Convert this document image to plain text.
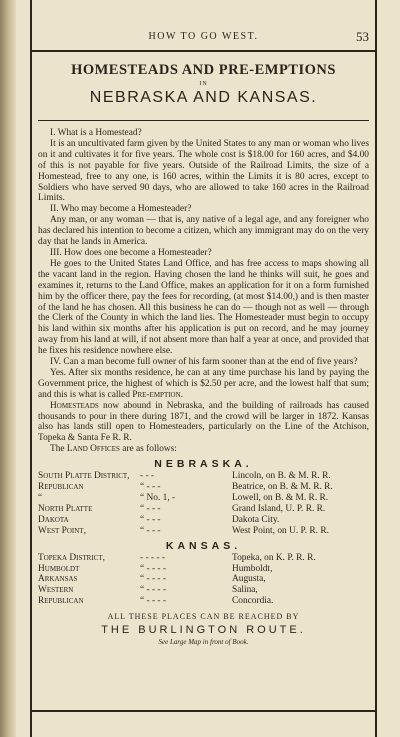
HOW TO GO WEST.	53
HOMESTEADS AND PRE-EMPTIONS
IN
NEBRASKA AND KANSAS.

I. What is a Homestead?

It is an uncultivated farm given by the United States to any man or woman who lives on it and cultivates it for five years. The whole cost is $18.00 for 160 acres, and $4.00 of this is not payable for five years. Outside of the Railroad Limits, the size of a Homestead, free to any one, is 160 acres, within the Limits it is 80 acres, except to Soldiers who have served 90 days, who are allowed to take 160 acres in the Railroad Limits.

II. Who may become a Homesteader?

Any man, or any woman — that is, any native of a legal age, and any foreigner who has declared his intention to become a citizen, which any immigrant may do on the very day that he lands in America.

III. How does one become a Homesteader?

He goes to the United States Land Office, and has free access to maps showing all the vacant land in the region. Having chosen the land he thinks will suit, he goes and examines it, returns to the Land Office, makes an application for it on a form furnished him by the officer there, pay the fees for recording, (at most $14.00,) and is then master of the land he has chosen. All this business he can do — though not as well — through the Clerk of the County in which the land lies. The Homesteader must begin to occupy his land within six months after his application is put on record, and he may journey away from his land at will, if not absent more than half a year at once, and provided that he fixes his residence nowhere else.

IV. Can a man become full owner of his farm sooner than at the end of five years?

Yes. After six months residence, he can at any time purchase his land by paying the Government price, the highest of which is $2.50 per acre, and the lowest half that sum; and this is what is called Pre-emption.

Homesteads now abound in Nebraska, and the building of railroads has caused thousands to pour in there during 1871, and the crowd will be larger in 1872. Kansas also has lands still open to Homesteaders, particularly on the Line of the Atchison, Topeka & Santa Fe R. R.

The Land Offices are as follows:

NEBRASKA.
South Platte District,	- - -	Lincoln, on B. & M. R. R.
Republican	“ - - -	Beatrice, on B. & M. R. R.
“	“ No. 1, -	Lowell, on B. & M. R. R.
North Platte	“ - - -	Grand Island, U. P. R. R.
Dakota	“ - - -	Dakota City.
West Point,	“ - - -	West Point, on U. P. R. R.
KANSAS.
Topeka District,	- - - - -	Topeka, on K. P. R. R.
Humboldt	“ - - - -	Humboldt,
Arkansas	“ - - - -	Augusta,
Western	“ - - - -	Salina,
Republican	“ - - - -	Concordia.
ALL THESE PLACES CAN BE REACHED BY
THE BURLINGTON ROUTE.
See Large Map in front of Book.
